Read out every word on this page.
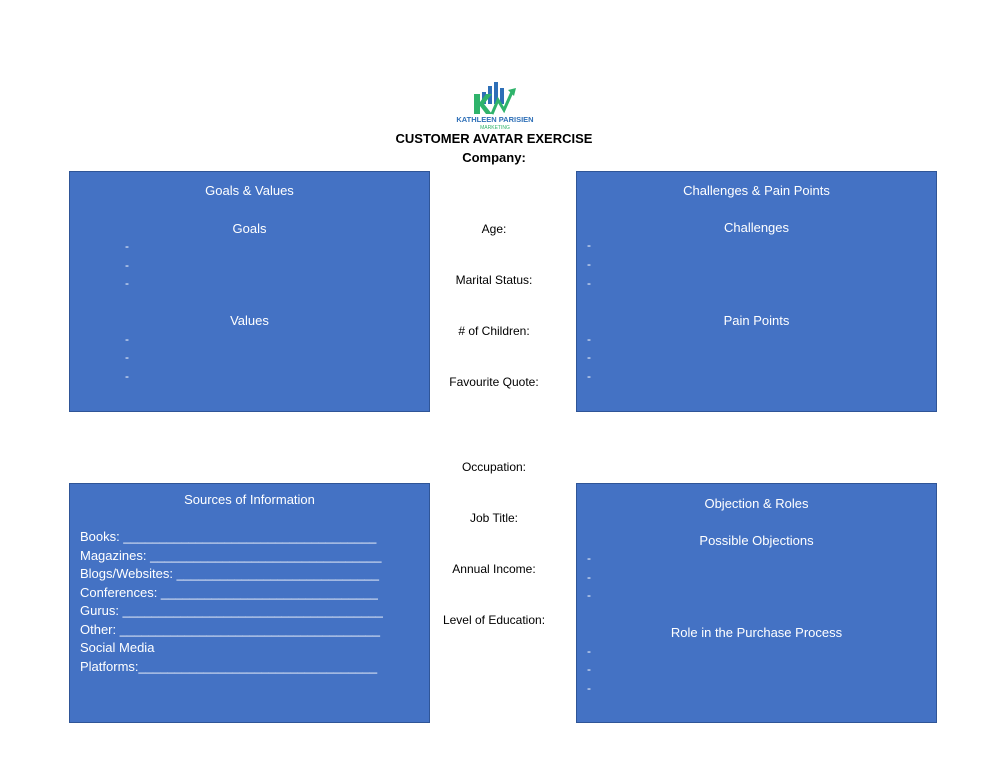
KATHLEEN PARISIEN
MARKETING
CUSTOMER AVATAR EXERCISE
Company:
Goals & Values
Goals
-
-
-
Values
-
-
-
Challenges & Pain Points
Challenges
-
-
-
Pain Points
-
-
-
Age:
Marital Status:
# of Children:
Favourite Quote:
Occupation:
Job Title:
Annual Income:
Level of Education:
Sources of Information
Books: ___________________________________
Magazines: ________________________________
Blogs/Websites: ____________________________
Conferences: ______________________________
Gurus: ____________________________________
Other: ____________________________________
Social Media
Platforms:_________________________________
Objection & Roles
Possible Objections
-
-
-
Role in the Purchase Process
-
-
-
